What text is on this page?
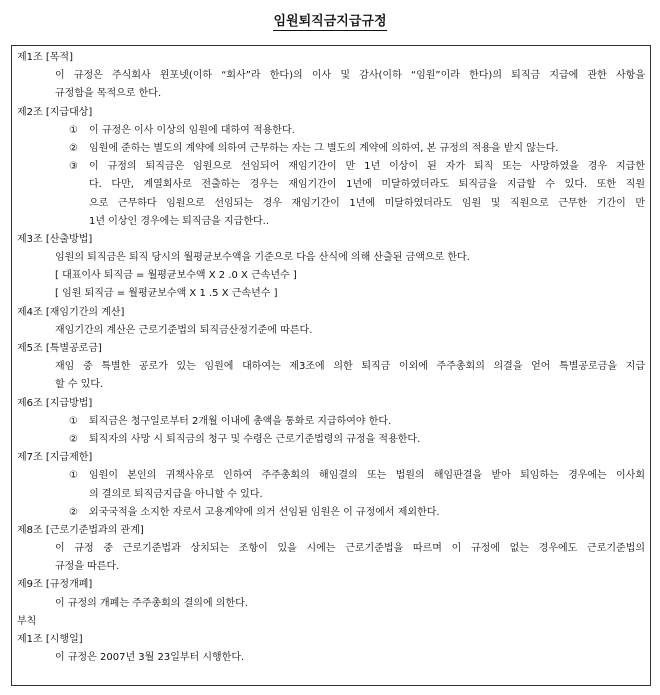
임원퇴직금지급규정
제1조 [목적]
이 규정은 주식회사 윈포넷(이하 “회사”라 한다)의 이사 및 감사(이하 “임원”이라 한다)의 퇴직금 지급에 관한 사항을
규정함을 목적으로 한다.
제2조 [지급대상]
① 이 규정은 이사 이상의 임원에 대하여 적용한다.
② 임원에 준하는 별도의 계약에 의하여 근무하는 자는 그 별도의 계약에 의하여, 본 규정의 적용을 받지 않는다.
③ 이 규정의 퇴직금은 임원으로 선임되어 재임기간이 만 1년 이상이 된 자가 퇴직 또는 사망하였을 경우 지급한
다. 다만, 계열회사로 전출하는 경우는 재임기간이 1년에 미달하였더라도 퇴직금을 지급할 수 있다. 또한 직원
으로 근무하다 임원으로 선임되는 경우 재임기간이 1년에 미달하였더라도 임원 및 직원으로 근무한 기간이 만
1년 이상인 경우에는 퇴직금을 지급한다..
제3조 [산출방법]
임원의 퇴직금은 퇴직 당시의 월평균보수액을 기준으로 다음 산식에 의해 산출된 금액으로 한다.
[ 대표이사 퇴직금 = 월평균보수액 X 2 .0 X 근속년수 ]
[ 임원 퇴직금 = 월평균보수액 X 1 .5 X 근속년수 ]
제4조 [재임기간의 계산]
재임기간의 계산은 근로기준법의 퇴직금산정기준에 따른다.
제5조 [특별공로금]
재임 중 특별한 공로가 있는 임원에 대하여는 제3조에 의한 퇴직금 이외에 주주총회의 의결을 얻어 특별공로금을 지급
할 수 있다.
제6조 [지급방법]
① 퇴직금은 청구일로부터 2개월 이내에 총액을 통화로 지급하여야 한다.
② 퇴직자의 사망 시 퇴직금의 청구 및 수령은 근로기준법령의 규정을 적용한다.
제7조 [지급제한]
① 임원이 본인의 귀책사유로 인하여 주주총회의 해임결의 또는 법원의 해임판결을 받아 퇴임하는 경우에는 이사회
의 결의로 퇴직금지급을 아니할 수 있다.
② 외국국적을 소지한 자로서 고용계약에 의거 선임된 임원은 이 규정에서 제외한다.
제8조 [근로기준법과의 관계]
이 규정 중 근로기준법과 상치되는 조항이 있을 시에는 근로기준법을 따르며 이 규정에 없는 경우에도 근로기준법의
규정을 따른다.
제9조 [규정개폐]
이 규정의 개폐는 주주총회의 결의에 의한다.
부칙
제1조 [시행일]
이 규정은 2007년 3월 23일부터 시행한다.
